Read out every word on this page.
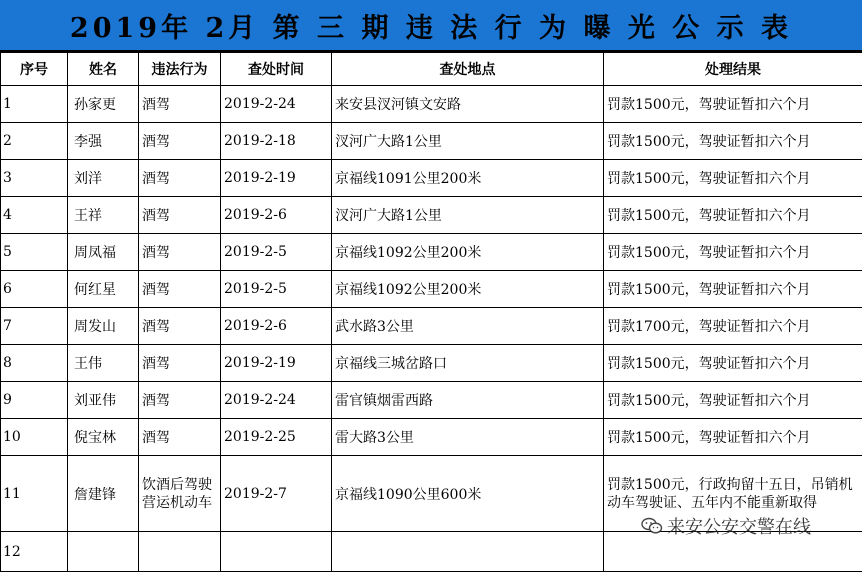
2019年 2月 第 三 期 违 法 行 为 曝 光 公 示 表
序号	姓名	违法行为	查处时间	查处地点	处理结果
1	孙家更	酒驾	2019-2-24	来安县汊河镇文安路	罚款1500元，驾驶证暂扣六个月
2	李强	酒驾	2019-2-18	汊河广大路1公里	罚款1500元，驾驶证暂扣六个月
3	刘洋	酒驾	2019-2-19	京福线1091公里200米	罚款1500元，驾驶证暂扣六个月
4	王祥	酒驾	2019-2-6	汊河广大路1公里	罚款1500元，驾驶证暂扣六个月
5	周凤福	酒驾	2019-2-5	京福线1092公里200米	罚款1500元，驾驶证暂扣六个月
6	何红星	酒驾	2019-2-5	京福线1092公里200米	罚款1500元，驾驶证暂扣六个月
7	周发山	酒驾	2019-2-6	武水路3公里	罚款1700元，驾驶证暂扣六个月
8	王伟	酒驾	2019-2-19	京福线三城岔路口	罚款1500元，驾驶证暂扣六个月
9	刘亚伟	酒驾	2019-2-24	雷官镇烟雷西路	罚款1500元，驾驶证暂扣六个月
10	倪宝林	酒驾	2019-2-25	雷大路3公里	罚款1500元，驾驶证暂扣六个月
11	詹建锋	饮酒后驾驶营运机动车	2019-2-7	京福线1090公里600米	罚款1500元，行政拘留十五日，吊销机动车驾驶证、五年内不能重新取得
12					
来安公安交警在线
